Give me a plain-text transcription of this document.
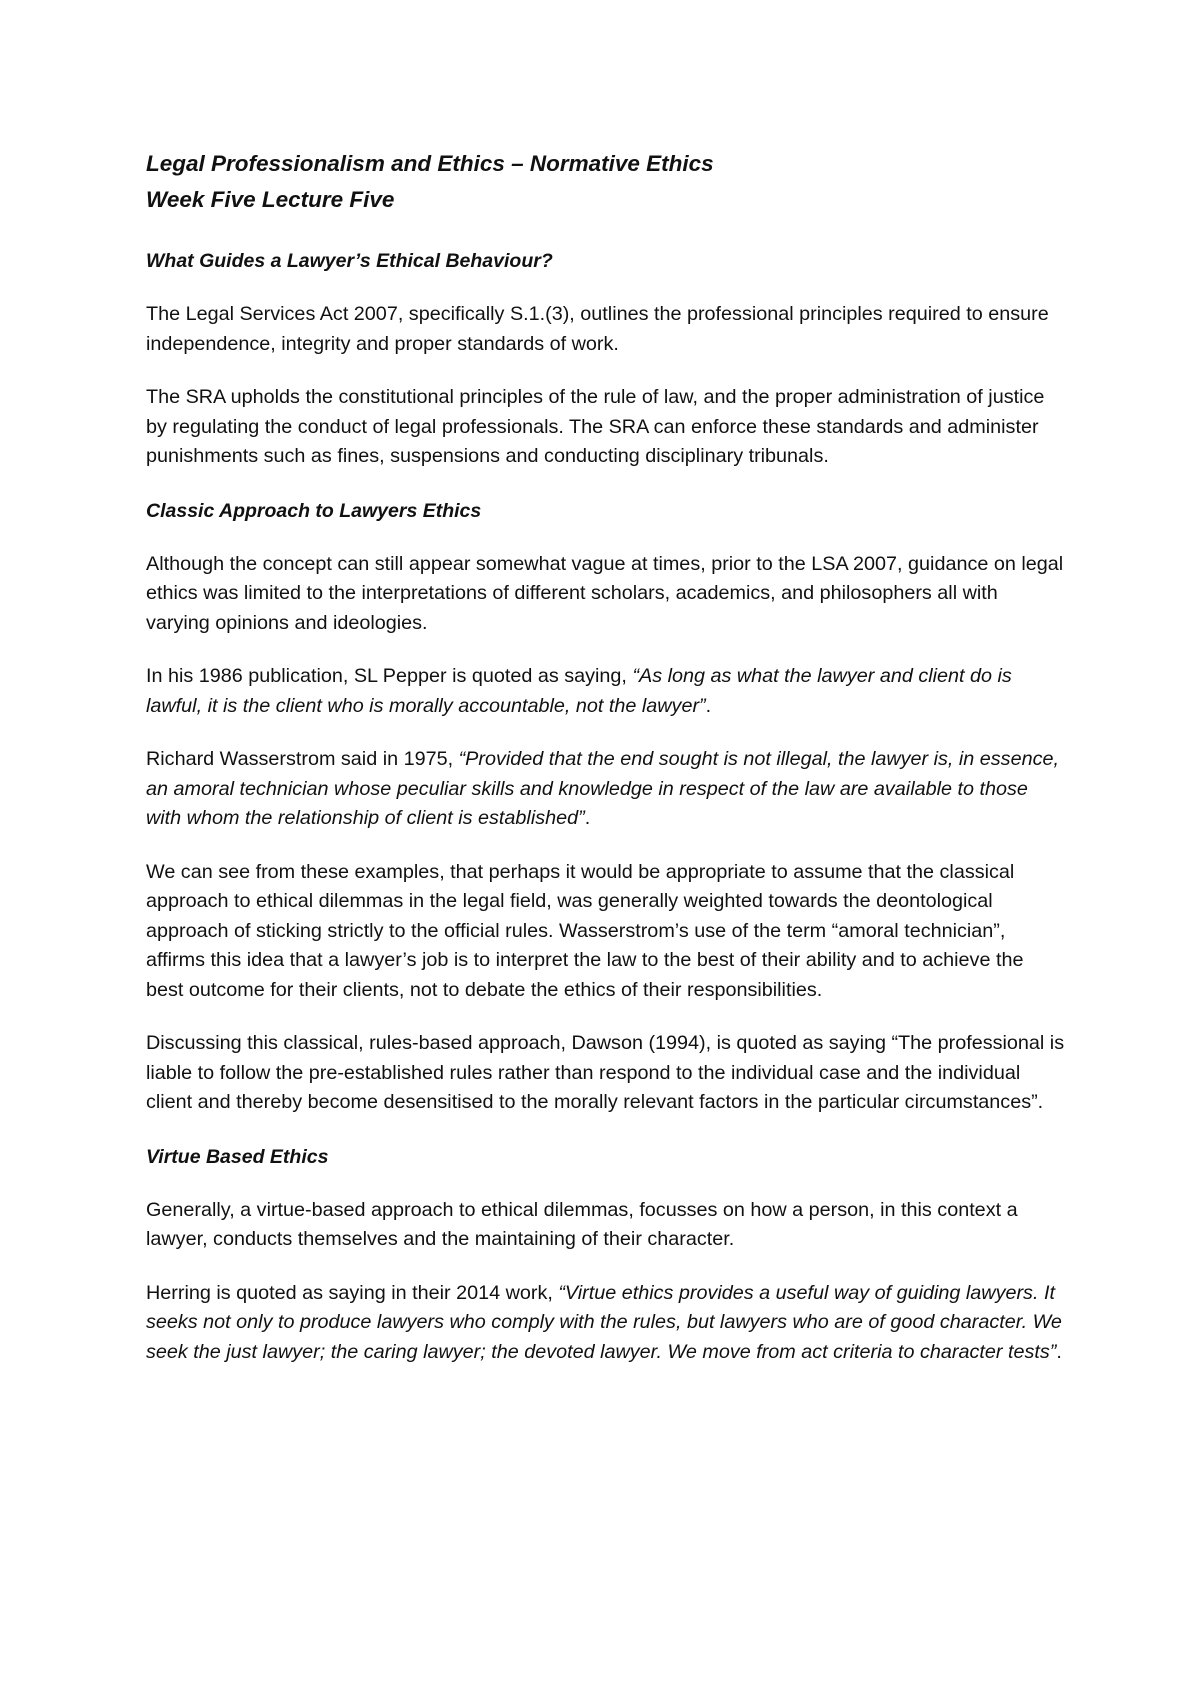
Legal Professionalism and Ethics – Normative Ethics
Week Five Lecture Five
What Guides a Lawyer’s Ethical Behaviour?

The Legal Services Act 2007, specifically S.1.(3), outlines the professional principles required to ensure independence, integrity and proper standards of work.

The SRA upholds the constitutional principles of the rule of law, and the proper administration of justice by regulating the conduct of legal professionals. The SRA can enforce these standards and administer punishments such as fines, suspensions and conducting disciplinary tribunals.

Classic Approach to Lawyers Ethics

Although the concept can still appear somewhat vague at times, prior to the LSA 2007, guidance on legal ethics was limited to the interpretations of different scholars, academics, and philosophers all with varying opinions and ideologies.

In his 1986 publication, SL Pepper is quoted as saying, “As long as what the lawyer and client do is lawful, it is the client who is morally accountable, not the lawyer”.

Richard Wasserstrom said in 1975, “Provided that the end sought is not illegal, the lawyer is, in essence, an amoral technician whose peculiar skills and knowledge in respect of the law are available to those with whom the relationship of client is established”.

We can see from these examples, that perhaps it would be appropriate to assume that the classical approach to ethical dilemmas in the legal field, was generally weighted towards the deontological approach of sticking strictly to the official rules. Wasserstrom’s use of the term “amoral technician”, affirms this idea that a lawyer’s job is to interpret the law to the best of their ability and to achieve the best outcome for their clients, not to debate the ethics of their responsibilities.

Discussing this classical, rules-based approach, Dawson (1994), is quoted as saying “The professional is liable to follow the pre-established rules rather than respond to the individual case and the individual client and thereby become desensitised to the morally relevant factors in the particular circumstances”.

Virtue Based Ethics

Generally, a virtue-based approach to ethical dilemmas, focusses on how a person, in this context a lawyer, conducts themselves and the maintaining of their character.

Herring is quoted as saying in their 2014 work, “Virtue ethics provides a useful way of guiding lawyers. It seeks not only to produce lawyers who comply with the rules, but lawyers who are of good character. We seek the just lawyer; the caring lawyer; the devoted lawyer. We move from act criteria to character tests”.
